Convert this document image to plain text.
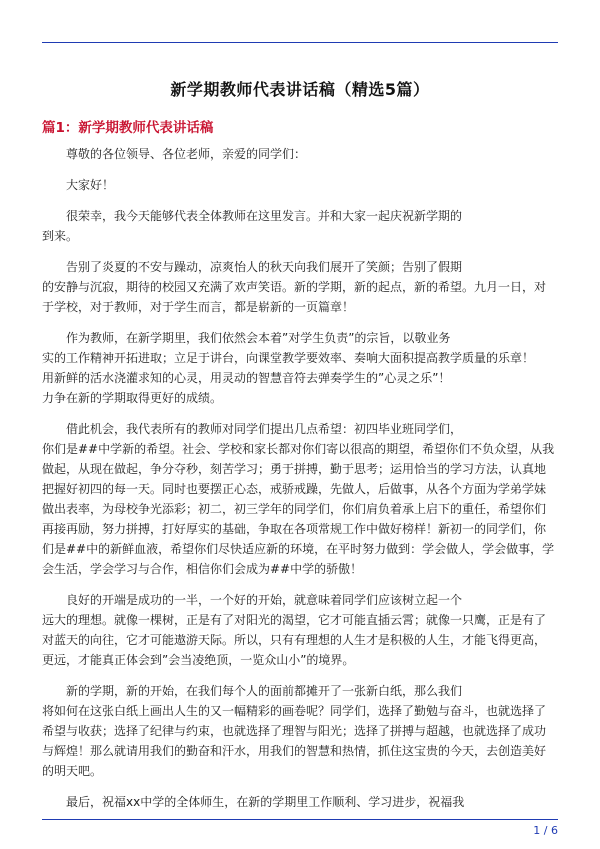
新学期教师代表讲话稿（精选5篇）
篇1：新学期教师代表讲话稿
尊敬的各位领导、各位老师，亲爱的同学们：
大家好！
很荣幸，我今天能够代表全体教师在这里发言。并和大家一起庆祝新学期的
到来。
告别了炎夏的不安与躁动，凉爽怡人的秋天向我们展开了笑颜；告别了假期
的安静与沉寂，期待的校园又充满了欢声笑语。新的学期，新的起点，新的希望。九月一日，对
于学校，对于教师，对于学生而言，都是崭新的一页篇章！
作为教师，在新学期里，我们依然会本着”对学生负责”的宗旨，以敬业务
实的工作精神开拓进取；立足于讲台，向课堂教学要效率、奏响大面积提高教学质量的乐章！
用新鲜的活水浇灌求知的心灵，用灵动的智慧音符去弹奏学生的”心灵之乐”！
力争在新的学期取得更好的成绩。
借此机会，我代表所有的教师对同学们提出几点希望：初四毕业班同学们，
你们是##中学新的希望。社会、学校和家长都对你们寄以很高的期望，希望你们不负众望，从我
做起，从现在做起，争分夺秒，刻苦学习；勇于拼搏，勤于思考；运用恰当的学习方法，认真地
把握好初四的每一天。同时也要摆正心态，戒骄戒躁，先做人，后做事，从各个方面为学弟学妹
做出表率，为母校争光添彩；初二，初三学年的同学们，你们肩负着承上启下的重任，希望你们
再接再励，努力拼搏，打好厚实的基础，争取在各项常规工作中做好榜样！新初一的同学们，你
们是##中的新鲜血液，希望你们尽快适应新的环境，在平时努力做到：学会做人，学会做事，学
会生活，学会学习与合作，相信你们会成为##中学的骄傲！
良好的开端是成功的一半，一个好的开始，就意味着同学们应该树立起一个
远大的理想。就像一棵树，正是有了对阳光的渴望，它才可能直插云霄；就像一只鹰，正是有了
对蓝天的向往，它才可能遨游天际。所以，只有有理想的人生才是积极的人生，才能飞得更高，
更远，才能真正体会到”会当凌绝顶，一览众山小”的境界。
新的学期，新的开始，在我们每个人的面前都摊开了一张新白纸，那么我们
将如何在这张白纸上画出人生的又一幅精彩的画卷呢？同学们，选择了勤勉与奋斗，也就选择了
希望与收获；选择了纪律与约束，也就选择了理智与阳光；选择了拼搏与超越，也就选择了成功
与辉煌！那么就请用我们的勤奋和汗水，用我们的智慧和热情，抓住这宝贵的今天，去创造美好
的明天吧。
最后，祝福xx中学的全体师生，在新的学期里工作顺利、学习进步，祝福我
1 / 6
